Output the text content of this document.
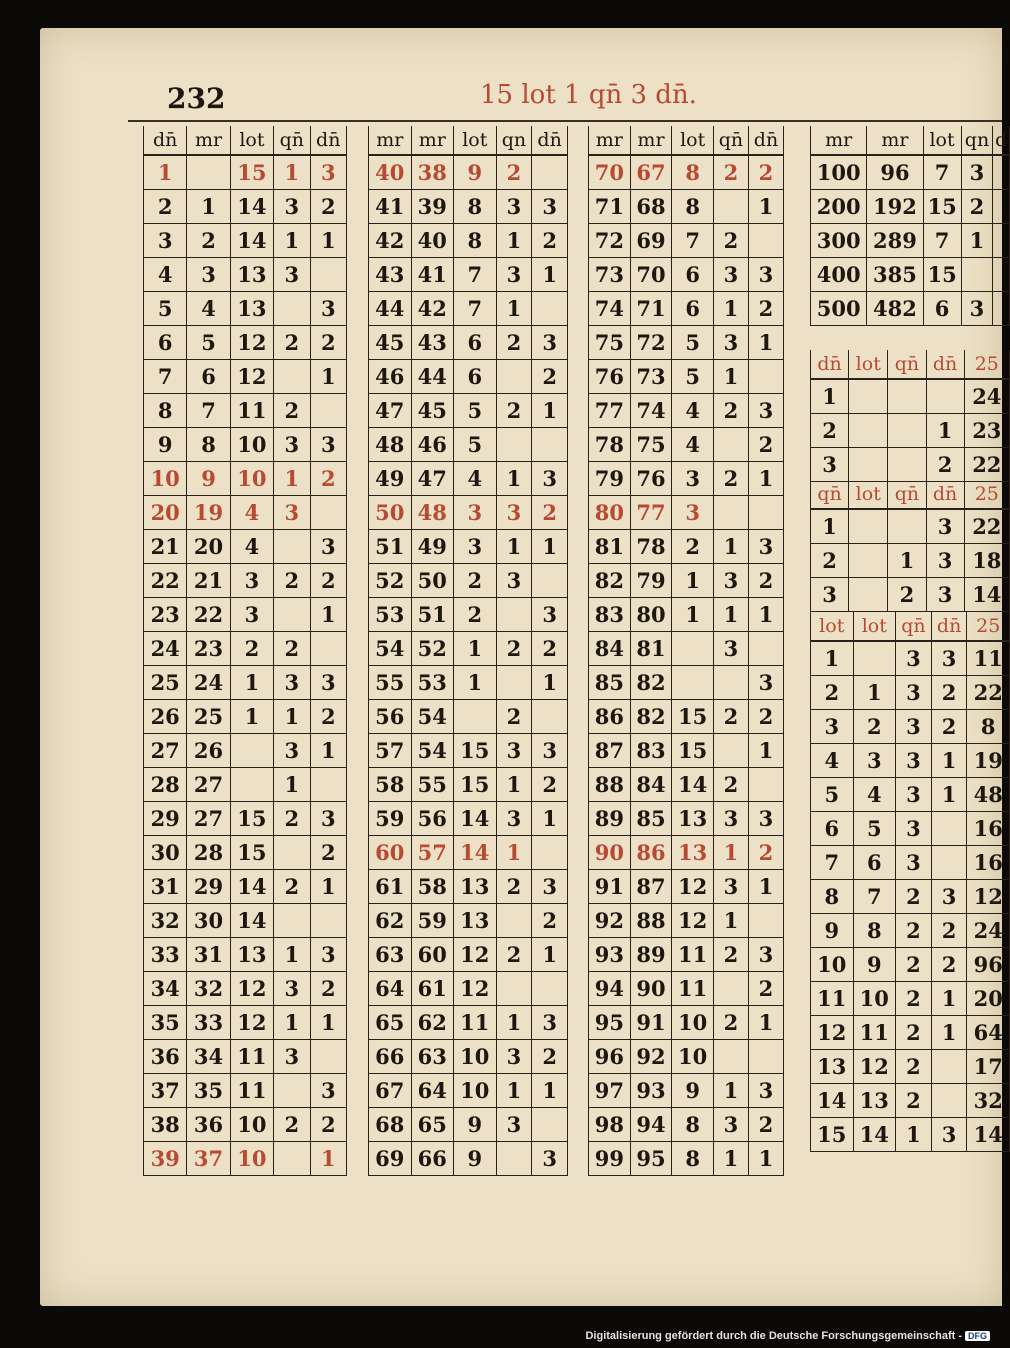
232	15 lot 1 qn̄ 3 dn̄.
dn̄	mr	lot	qn̄	dn̄
1		15	1	3
2	1	14	3	2
3	2	14	1	1
4	3	13	3	
5	4	13		3
6	5	12	2	2
7	6	12		1
8	7	11	2	
9	8	10	3	3
10	9	10	1	2
20	19	4	3	
21	20	4		3
22	21	3	2	2
23	22	3		1
24	23	2	2	
25	24	1	3	3
26	25	1	1	2
27	26		3	1
28	27		1	
29	27	15	2	3
30	28	15		2
31	29	14	2	1
32	30	14		
33	31	13	1	3
34	32	12	3	2
35	33	12	1	1
36	34	11	3	
37	35	11		3
38	36	10	2	2
39	37	10		1
mr	mr	lot	qn	dn̄
40	38	9	2	
41	39	8	3	3
42	40	8	1	2
43	41	7	3	1
44	42	7	1	
45	43	6	2	3
46	44	6		2
47	45	5	2	1
48	46	5		
49	47	4	1	3
50	48	3	3	2
51	49	3	1	1
52	50	2	3	
53	51	2		3
54	52	1	2	2
55	53	1		1
56	54		2	
57	54	15	3	3
58	55	15	1	2
59	56	14	3	1
60	57	14	1	
61	58	13	2	3
62	59	13		2
63	60	12	2	1
64	61	12		
65	62	11	1	3
66	63	10	3	2
67	64	10	1	1
68	65	9	3	
69	66	9		3
mr	mr	lot	qn̄	dn̄
70	67	8	2	2
71	68	8		1
72	69	7	2	
73	70	6	3	3
74	71	6	1	2
75	72	5	3	1
76	73	5	1	
77	74	4	2	3
78	75	4		2
79	76	3	2	1
80	77	3		
81	78	2	1	3
82	79	1	3	2
83	80	1	1	1
84	81		3	
85	82			3
86	82	15	2	2
87	83	15		1
88	84	14	2	
89	85	13	3	3
90	86	13	1	2
91	87	12	3	1
92	88	12	1	
93	89	11	2	3
94	90	11		2
95	91	10	2	1
96	92	10		
97	93	9	1	3
98	94	8	3	2
99	95	8	1	1
mr	mr	lot	qn	d
100	96	7	3	
200	192	15	2	
300	289	7	1	
400	385	15		
500	482	6	3	
dn̄	lot	qn̄	dn̄	25
1				24
2			1	23
3			2	22
qn̄	lot	qn̄	dn̄	25
1			3	22
2		1	3	18
3		2	3	14
lot	lot	qn̄	dn̄	25
1		3	3	11
2	1	3	2	22
3	2	3	2	8
4	3	3	1	19
5	4	3	1	48
6	5	3		16
7	6	3		16
8	7	2	3	12
9	8	2	2	24
10	9	2	2	96
11	10	2	1	20
12	11	2	1	64
13	12	2		17
14	13	2		32
15	14	1	3	14
Digitalisierung gefördert durch die Deutsche Forschungsgemeinschaft - DFG
